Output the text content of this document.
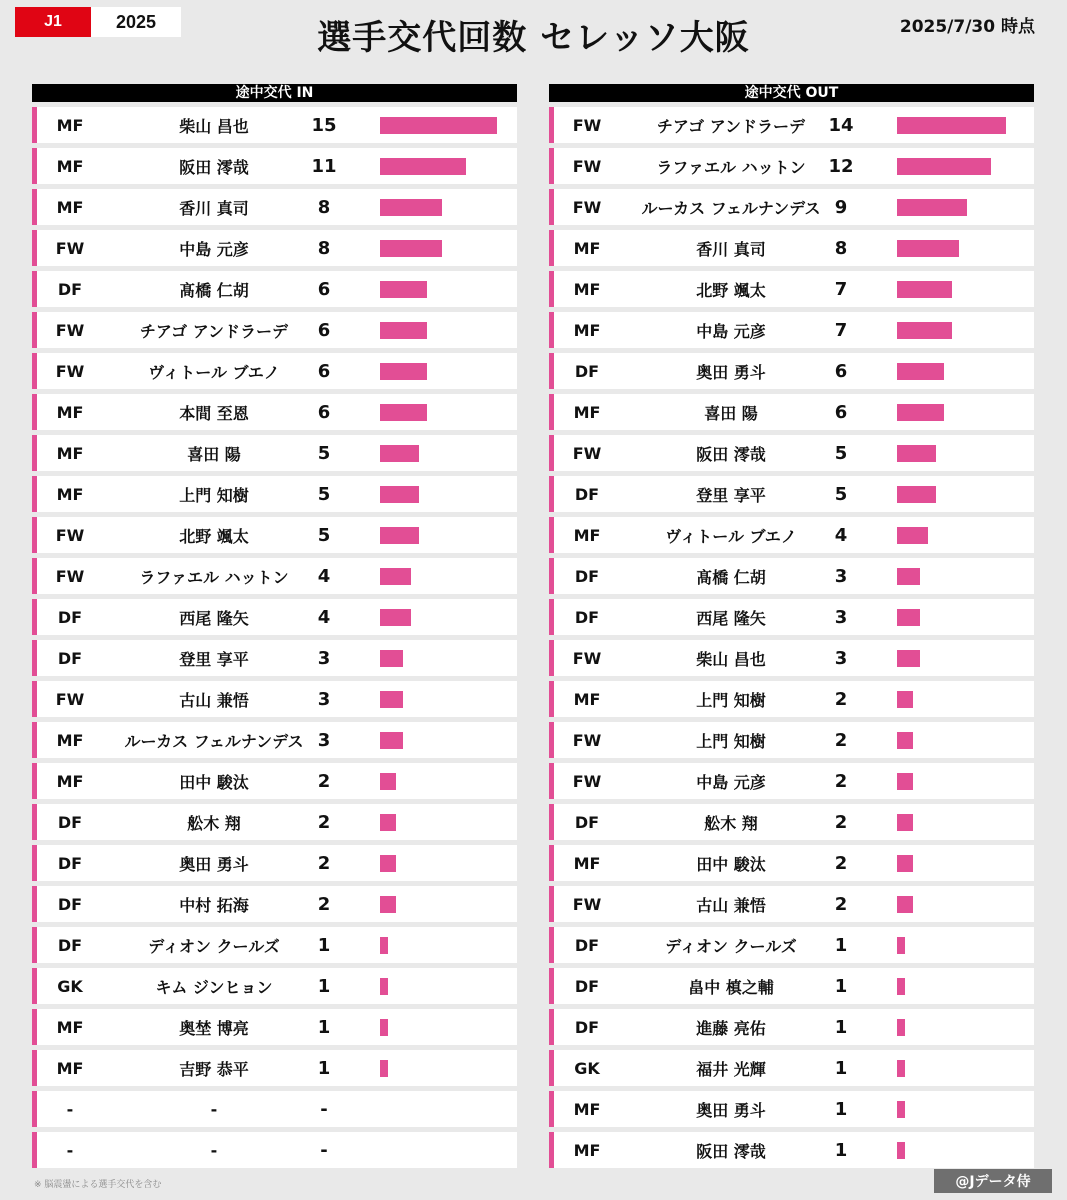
J1	2025	選手交代回数 セレッソ大阪	2025/7/30 時点
途中交代 IN
MF	柴山 昌也	15
MF	阪田 澪哉	11
MF	香川 真司	8
FW	中島 元彦	8
DF	髙橋 仁胡	6
FW	チアゴ アンドラーデ	6
FW	ヴィトール ブエノ	6
MF	本間 至恩	6
MF	喜田 陽	5
MF	上門 知樹	5
FW	北野 颯太	5
FW	ラファエル ハットン	4
DF	西尾 隆矢	4
DF	登里 享平	3
FW	古山 兼悟	3
MF	ルーカス フェルナンデス 3
MF	田中 駿汰	2
DF	舩木 翔	2
DF	奥田 勇斗	2
DF	中村 拓海	2
DF	ディオン クールズ	1
GK	キム ジンヒョン	1
MF	奥埜 博亮	1
MF	吉野 恭平	1
-	-	-
-	-	-
途中交代 OUT
FW	チアゴ アンドラーデ	14
FW	ラファエル ハットン	12
FW	ルーカス フェルナンデス 9
MF	香川 真司	8
MF	北野 颯太	7
MF	中島 元彦	7
DF	奥田 勇斗	6
MF	喜田 陽	6
FW	阪田 澪哉	5
DF	登里 享平	5
MF	ヴィトール ブエノ	4
DF	髙橋 仁胡	3
DF	西尾 隆矢	3
FW	柴山 昌也	3
MF	上門 知樹	2
FW	上門 知樹	2
FW	中島 元彦	2
DF	舩木 翔	2
MF	田中 駿汰	2
FW	古山 兼悟	2
DF	ディオン クールズ	1
DF	畠中 槙之輔	1
DF	進藤 亮佑	1
GK	福井 光輝	1
MF	奥田 勇斗	1
MF	阪田 澪哉	1
※ 脳震盪による選手交代を含む	@Jデータ侍
